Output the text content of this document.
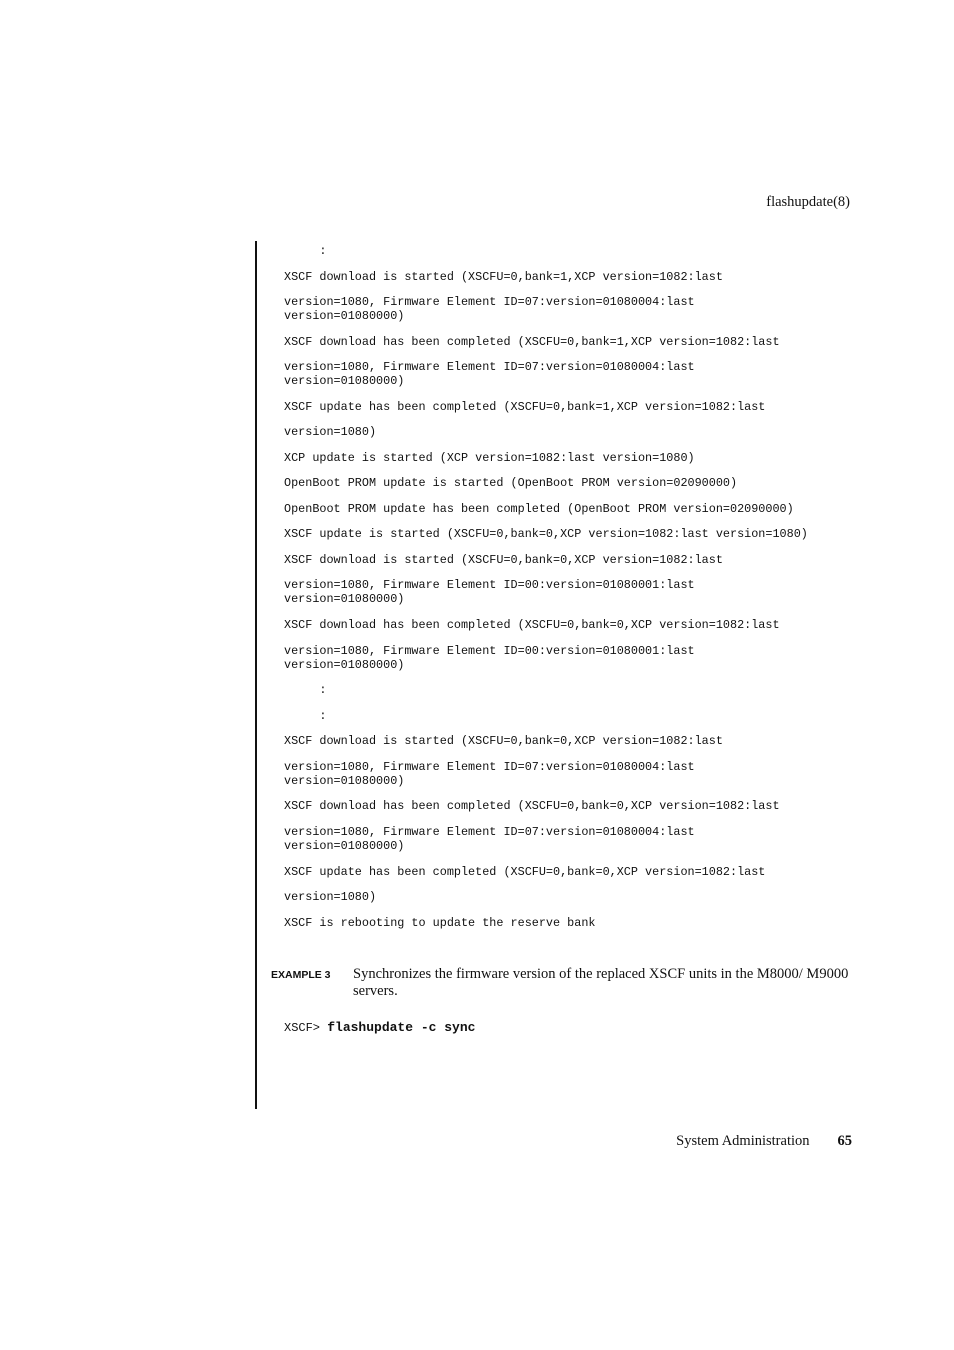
flashupdate(8)
:
XSCF download is started (XSCFU=0,bank=1,XCP version=1082:last
version=1080, Firmware Element ID=07:version=01080004:last
version=01080000)
XSCF download has been completed (XSCFU=0,bank=1,XCP version=1082:last
version=1080, Firmware Element ID=07:version=01080004:last
version=01080000)
XSCF update has been completed (XSCFU=0,bank=1,XCP version=1082:last
version=1080)
XCP update is started (XCP version=1082:last version=1080)
OpenBoot PROM update is started (OpenBoot PROM version=02090000)
OpenBoot PROM update has been completed (OpenBoot PROM version=02090000)
XSCF update is started (XSCFU=0,bank=0,XCP version=1082:last version=1080)
XSCF download is started (XSCFU=0,bank=0,XCP version=1082:last
version=1080, Firmware Element ID=00:version=01080001:last
version=01080000)
XSCF download has been completed (XSCFU=0,bank=0,XCP version=1082:last
version=1080, Firmware Element ID=00:version=01080001:last
version=01080000)
:
:
XSCF download is started (XSCFU=0,bank=0,XCP version=1082:last
version=1080, Firmware Element ID=07:version=01080004:last
version=01080000)
XSCF download has been completed (XSCFU=0,bank=0,XCP version=1082:last
version=1080, Firmware Element ID=07:version=01080004:last
version=01080000)
XSCF update has been completed (XSCFU=0,bank=0,XCP version=1082:last
version=1080)
XSCF is rebooting to update the reserve bank
EXAMPLE 3	Synchronizes the firmware version of the replaced XSCF units in the M8000/ M9000 servers.
XSCF> flashupdate -c sync
System Administration 65
